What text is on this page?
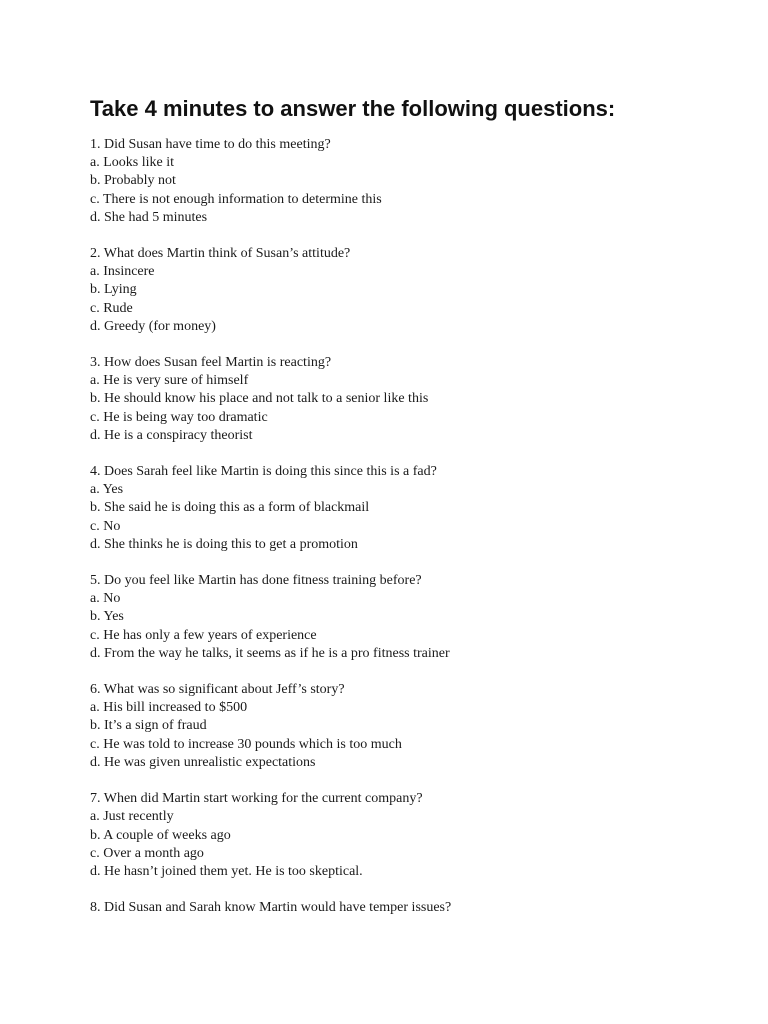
Take 4 minutes to answer the following questions:
1. Did Susan have time to do this meeting?
a. Looks like it
b. Probably not
c. There is not enough information to determine this
d. She had 5 minutes
2. What does Martin think of Susan’s attitude?
a. Insincere
b. Lying
c. Rude
d. Greedy (for money)
3. How does Susan feel Martin is reacting?
a. He is very sure of himself
b. He should know his place and not talk to a senior like this
c. He is being way too dramatic
d. He is a conspiracy theorist
4. Does Sarah feel like Martin is doing this since this is a fad?
a. Yes
b. She said he is doing this as a form of blackmail
c. No
d. She thinks he is doing this to get a promotion
5. Do you feel like Martin has done fitness training before?
a. No
b. Yes
c. He has only a few years of experience
d. From the way he talks, it seems as if he is a pro fitness trainer
6. What was so significant about Jeff’s story?
a. His bill increased to $500
b. It’s a sign of fraud
c. He was told to increase 30 pounds which is too much
d. He was given unrealistic expectations
7. When did Martin start working for the current company?
a. Just recently
b. A couple of weeks ago
c. Over a month ago
d. He hasn’t joined them yet. He is too skeptical.
8. Did Susan and Sarah know Martin would have temper issues?
